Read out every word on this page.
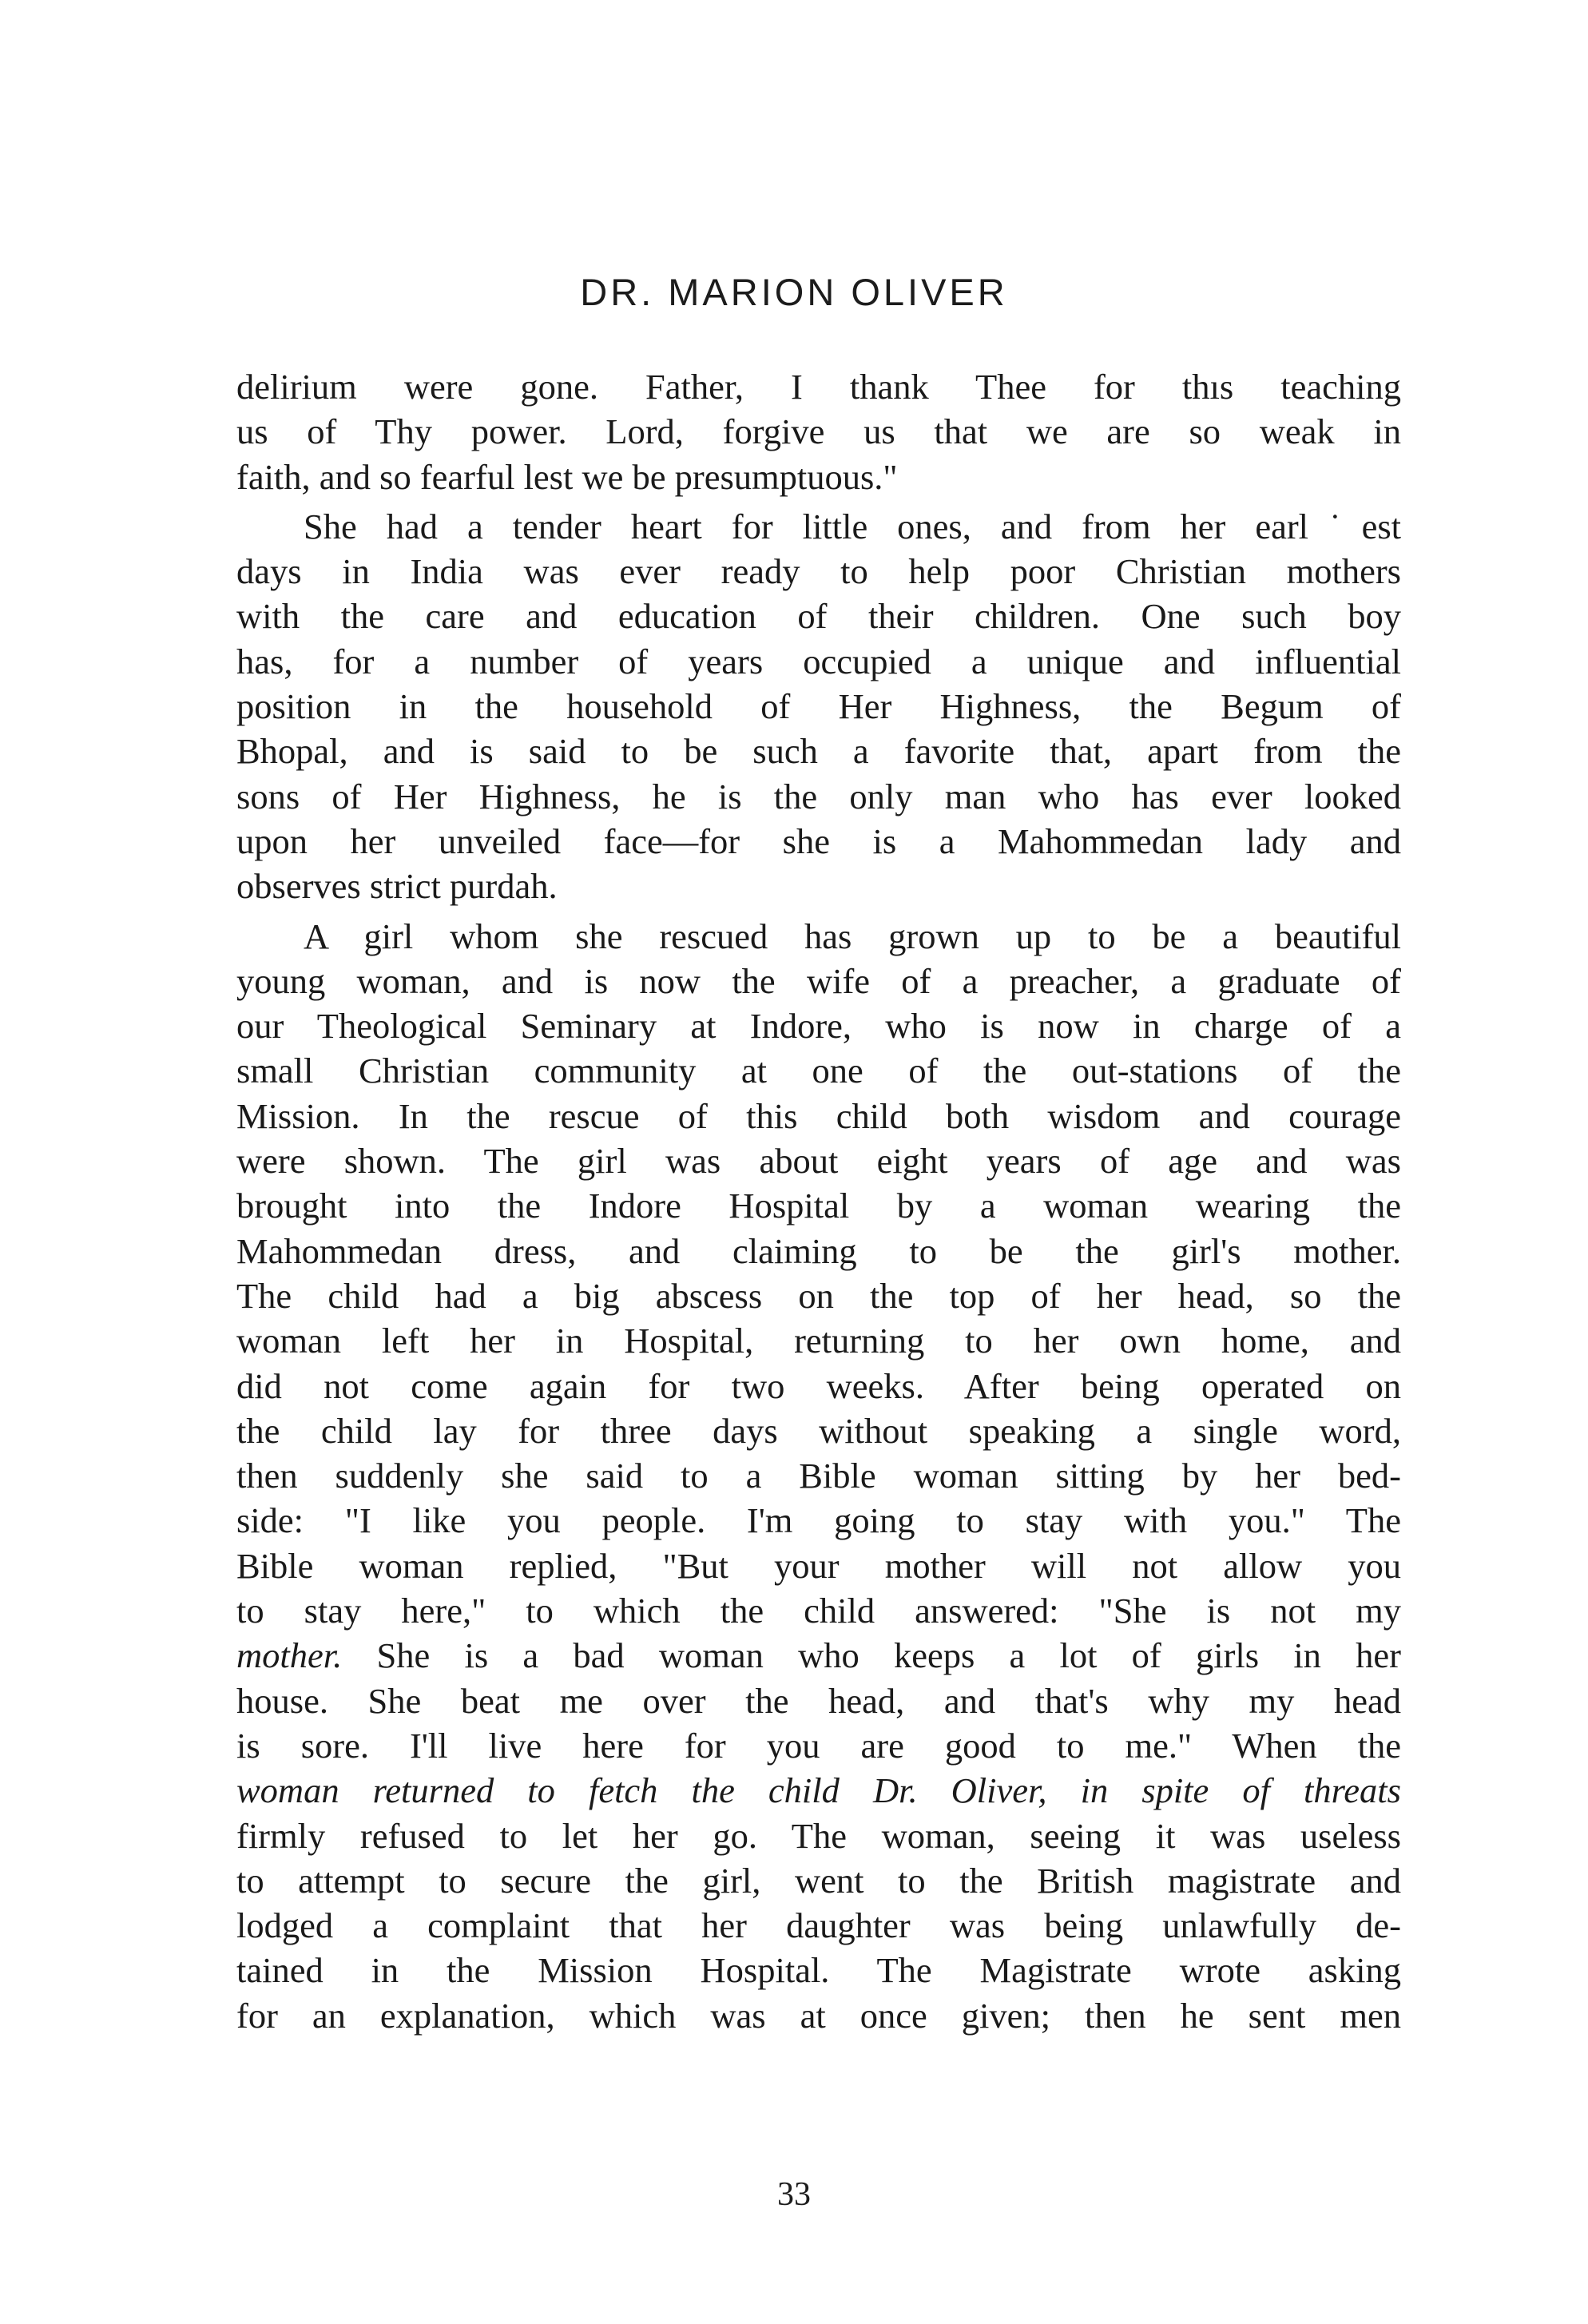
DR. MARION OLIVER
delirium were gone. Father, I thank Thee for thıs teaching
us of Thy power. Lord, forgive us that we are so weak in
faith, and so fearful lest we be presumptuous."
She had a tender heart for little ones, and from her earl˙est
days in India was ever ready to help poor Christian mothers
with the care and education of their children. One such boy
has, for a number of years occupied a unique and influential
position in the household of Her Highness, the Begum of
Bhopal, and is said to be such a favorite that, apart from the
sons of Her Highness, he is the only man who has ever looked
upon her unveiled face—for she is a Mahommedan lady and
observes strict purdah.
A girl whom she rescued has grown up to be a beautiful
young woman, and is now the wife of a preacher, a graduate of
our Theological Seminary at Indore, who is now in charge of a
small Christian community at one of the out-stations of the
Mission. In the rescue of this child both wisdom and courage
were shown. The girl was about eight years of age and was
brought into the Indore Hospital by a woman wearing the
Mahommedan dress, and claiming to be the girl's mother.
The child had a big abscess on the top of her head, so the
woman left her in Hospital, returning to her own home, and
did not come again for two weeks. After being operated on
the child lay for three days without speaking a single word,
then suddenly she said to a Bible woman sitting by her bed-
side: "I like you people. I'm going to stay with you." The
Bible woman replied, "But your mother will not allow you
to stay here," to which the child answered: "She is not my
mother. She is a bad woman who keeps a lot of girls in her
house. She beat me over the head, and that's why my head
is sore. I'll live here for you are good to me." When the
woman returned to fetch the child Dr. Oliver, in spite of threats
firmly refused to let her go. The woman, seeing it was useless
to attempt to secure the girl, went to the British magistrate and
lodged a complaint that her daughter was being unlawfully de-
tained in the Mission Hospital. The Magistrate wrote asking
for an explanation, which was at once given; then he sent men
33
